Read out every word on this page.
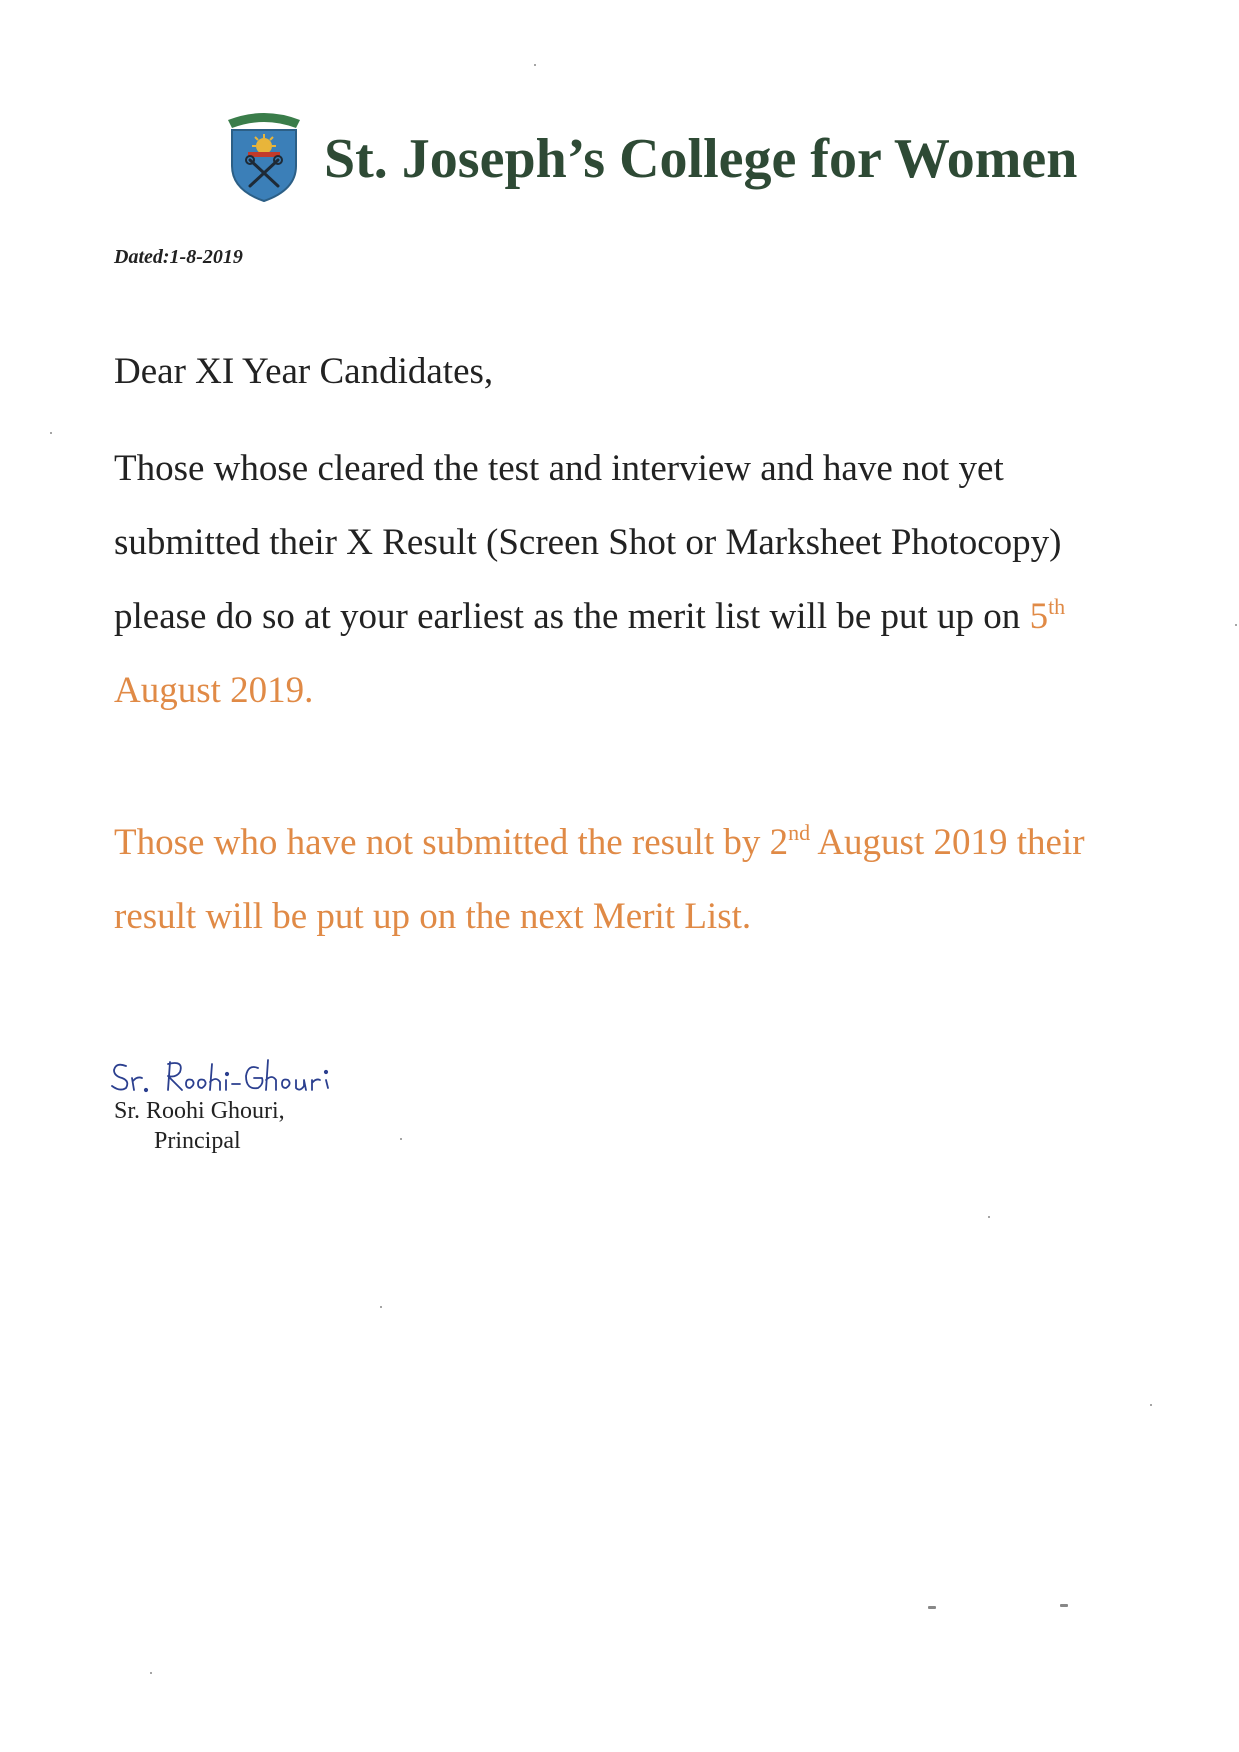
St. Joseph’s College for Women
Dated:1-8-2019
Dear XI Year Candidates,
Those whose cleared the test and interview and have not yet submitted their X Result (Screen Shot or Marksheet Photocopy) please do so at your earliest as the merit list will be put up on 5th August 2019.
Those who have not submitted the result by 2nd August 2019 their result will be put up on the next Merit List.
Sr. Roohi Ghouri,
Principal
